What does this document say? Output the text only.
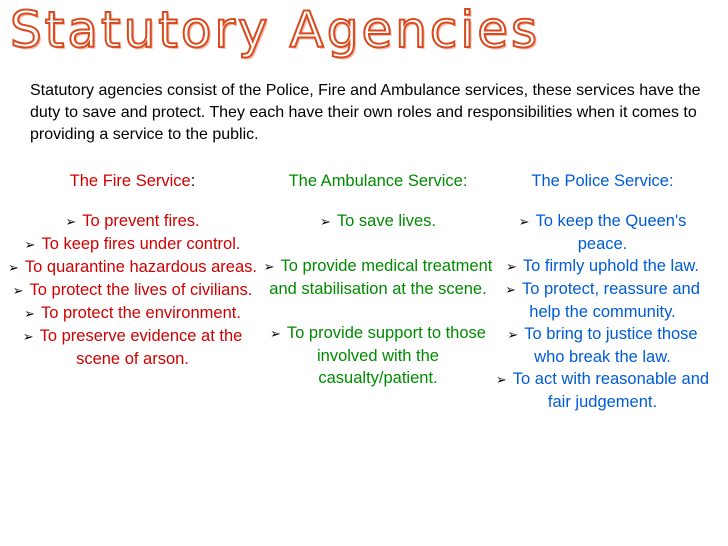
Statutory Agencies
Statutory agencies consist of the Police, Fire and Ambulance services, these services have the duty to save and protect. They each have their own roles and responsibilities when it comes to providing a service to the public.
The Fire Service:
➢ To prevent fires.
➢ To keep fires under control.
➢ To quarantine hazardous areas.
➢ To protect the lives of civilians.
➢ To protect the environment.
➢ To preserve evidence at the scene of arson.
The Ambulance Service:
➢ To save lives.
➢ To provide medical treatment and stabilisation at the scene.
➢ To provide support to those involved with the casualty/patient.
The Police Service:
➢ To keep the Queen's peace.
➢ To firmly uphold the law.
➢ To protect, reassure and help the community.
➢ To bring to justice those who break the law.
➢ To act with reasonable and fair judgement.
